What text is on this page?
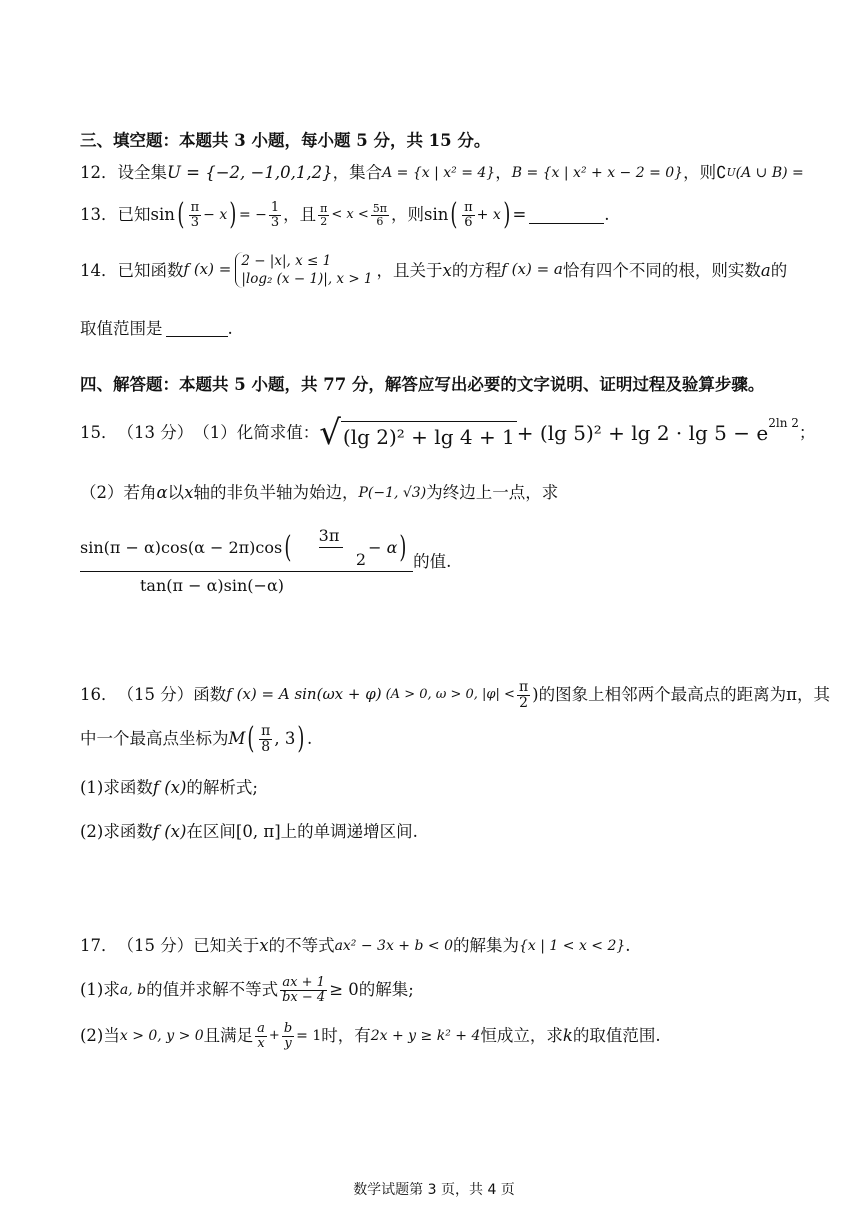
三、填空题：本题共 3 小题，每小题 5 分，共 15 分。
12． 设全集 U = {−2, −1,0,1,2} ，集合 A = {x | x² = 4} ， B = {x | x² + x − 2 = 0} ，则 ∁ U (A ∪ B) =
13． 已知 sin ( $\frac{\pi}{3} - x$ ) = − $\frac{1}{3}$ ，且 $\frac{\pi}{2} < x < \frac{5\pi}{6}$ ，则 sin ( $\frac{\pi}{6} + x$ ) =	.
14． 已知函数 f (x) = 2 − |x|, x ≤ 1
|log₂ (x − 1)|, x > 1 ，且关于 x 的方程 f (x) = a 恰有四个不同的根，则实数 a 的
取值范围是	.
四、解答题：本题共 5 小题，共 77 分，解答应写出必要的文字说明、证明过程及验算步骤。
15． （13 分） （1）化简求值： √ (lg 2)² + lg 4 + 1 + (lg $5)^2 + \lg 2 \cdot \lg 5 - e^{2ln 2}$
；
（2）若角 α 以 x 轴的非负半轴为始边， P(−1, √3) 为终边上一点，求
$\frac{\sin(\pi - \alpha)\cos(\alpha - 2\pi)\cos ( \frac{3\pi}{2} - \alpha )}{\tan(\pi - \alpha)\sin(-\alpha)}$ 的值.
16． （15 分） 函数 f (x) = A sin(ωx + φ) (A > 0, ω > 0, $|\varphi| < \frac{\pi}{2}$ ) 的图象上相邻两个最高点的距离为π，其
中一个最高点坐标为 M ( $\frac{\pi}{8}$ , 3 ) .
(1)求函数 f (x) 的解析式;
(2)求函数 f (x) 在区间 [0, π] 上的单调递增区间.
17． （15 分） 已知关于 x 的不等式 ax² − 3x + b < 0 的解集为 {x | 1 < x < 2} .
(1)求 a, b 的值并求解不等式 $\frac{ax + 1}{bx - 4} \ge 0$ 的解集;
(2)当 x > 0, y > 0 且满足 $\frac{a}{x} + \frac{b}{y} = 1$ 时，有 2x + y ≥ k² + 4 恒成立，求 k 的取值范围.
数学试题第 3 页，共 4 页
